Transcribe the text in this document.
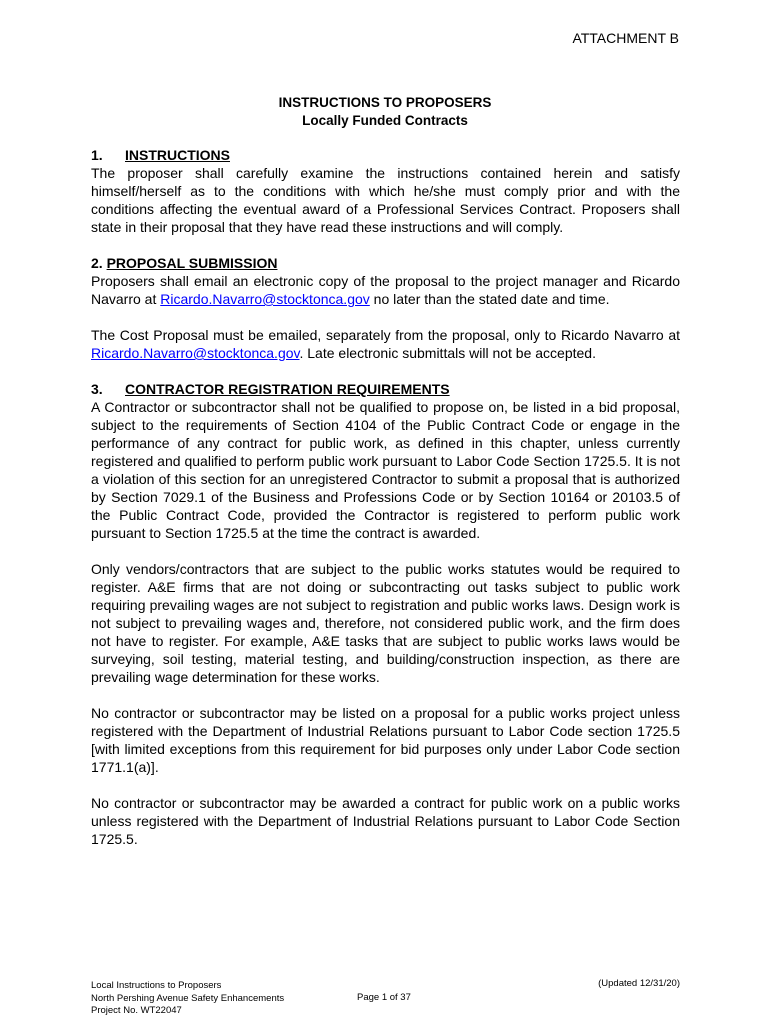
ATTACHMENT B
INSTRUCTIONS TO PROPOSERS
Locally Funded Contracts
1. INSTRUCTIONS

The proposer shall carefully examine the instructions contained herein and satisfy himself/herself as to the conditions with which he/she must comply prior and with the conditions affecting the eventual award of a Professional Services Contract. Proposers shall state in their proposal that they have read these instructions and will comply.

2. PROPOSAL SUBMISSION

Proposers shall email an electronic copy of the proposal to the project manager and Ricardo Navarro at Ricardo.Navarro@stocktonca.gov no later than the stated date and time.

The Cost Proposal must be emailed, separately from the proposal, only to Ricardo Navarro at Ricardo.Navarro@stocktonca.gov. Late electronic submittals will not be accepted.

3. CONTRACTOR REGISTRATION REQUIREMENTS

A Contractor or subcontractor shall not be qualified to propose on, be listed in a bid proposal, subject to the requirements of Section 4104 of the Public Contract Code or engage in the performance of any contract for public work, as defined in this chapter, unless currently registered and qualified to perform public work pursuant to Labor Code Section 1725.5. It is not a violation of this section for an unregistered Contractor to submit a proposal that is authorized by Section 7029.1 of the Business and Professions Code or by Section 10164 or 20103.5 of the Public Contract Code, provided the Contractor is registered to perform public work pursuant to Section 1725.5 at the time the contract is awarded.

Only vendors/contractors that are subject to the public works statutes would be required to register. A&E firms that are not doing or subcontracting out tasks subject to public work requiring prevailing wages are not subject to registration and public works laws. Design work is not subject to prevailing wages and, therefore, not considered public work, and the firm does not have to register. For example, A&E tasks that are subject to public works laws would be surveying, soil testing, material testing, and building/construction inspection, as there are prevailing wage determination for these works.

No contractor or subcontractor may be listed on a proposal for a public works project unless registered with the Department of Industrial Relations pursuant to Labor Code section 1725.5 [with limited exceptions from this requirement for bid purposes only under Labor Code section 1771.1(a)].

No contractor or subcontractor may be awarded a contract for public work on a public works unless registered with the Department of Industrial Relations pursuant to Labor Code Section 1725.5.

Local Instructions to Proposers
North Pershing Avenue Safety Enhancements
Project No. WT22047
Page 1 of 37
(Updated 12/31/20)
